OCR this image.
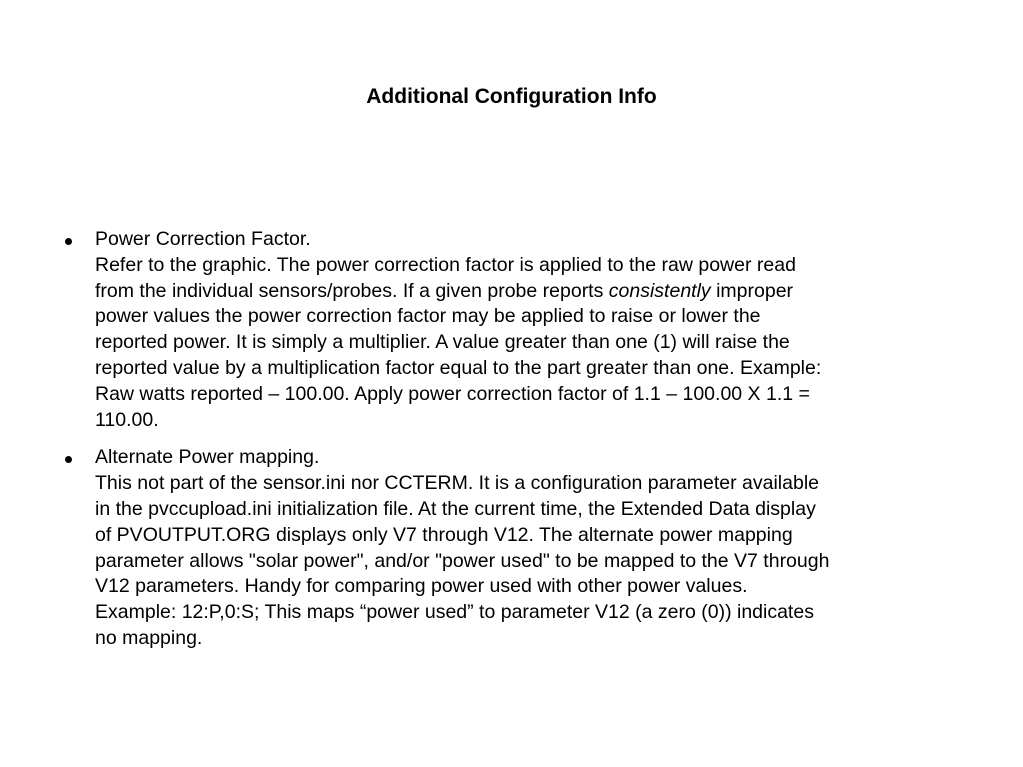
Additional Configuration Info
Power Correction Factor.
Refer to the graphic. The power correction factor is applied to the raw power read
from the individual sensors/probes. If a given probe reports consistently improper
power values the power correction factor may be applied to raise or lower the
reported power. It is simply a multiplier. A value greater than one (1) will raise the
reported value by a multiplication factor equal to the part greater than one. Example:
Raw watts reported – 100.00. Apply power correction factor of 1.1 – 100.00 X 1.1 =
110.00.
Alternate Power mapping.
This not part of the sensor.ini nor CCTERM. It is a configuration parameter available
in the pvccupload.ini initialization file. At the current time, the Extended Data display
of PVOUTPUT.ORG displays only V7 through V12. The alternate power mapping
parameter allows "solar power", and/or "power used" to be mapped to the V7 through
V12 parameters. Handy for comparing power used with other power values.
Example: 12:P,0:S; This maps “power used” to parameter V12 (a zero (0)) indicates
no mapping.
